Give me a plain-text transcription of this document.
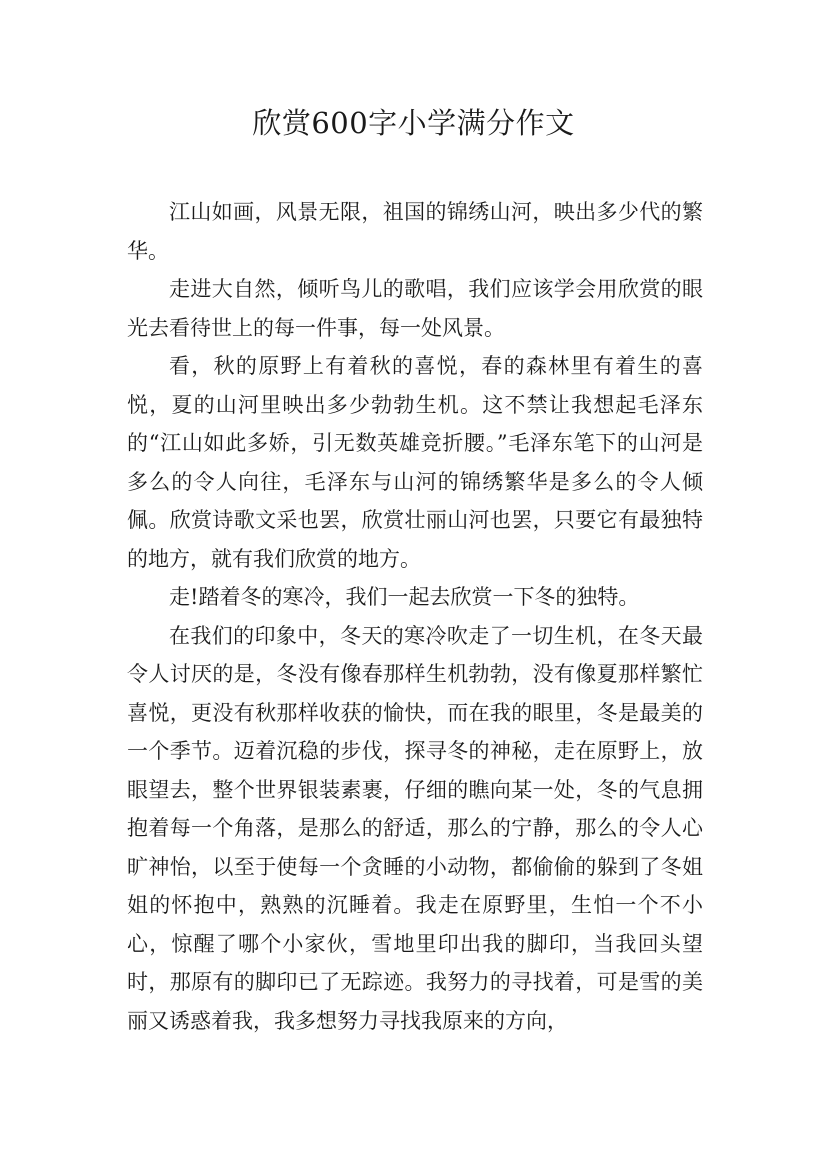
欣赏600字小学满分作文

江山如画，风景无限，祖国的锦绣山河，映出多少代的繁华。

走进大自然，倾听鸟儿的歌唱，我们应该学会用欣赏的眼光去看待世上的每一件事，每一处风景。

看，秋的原野上有着秋的喜悦，春的森林里有着生的喜悦，夏的山河里映出多少勃勃生机。这不禁让我想起毛泽东的“江山如此多娇，引无数英雄竞折腰。”毛泽东笔下的山河是多么的令人向往，毛泽东与山河的锦绣繁华是多么的令人倾佩。欣赏诗歌文采也罢，欣赏壮丽山河也罢，只要它有最独特的地方，就有我们欣赏的地方。

走!踏着冬的寒冷，我们一起去欣赏一下冬的独特。

在我们的印象中，冬天的寒冷吹走了一切生机，在冬天最令人讨厌的是，冬没有像春那样生机勃勃，没有像夏那样繁忙喜悦，更没有秋那样收获的愉快，而在我的眼里，冬是最美的一个季节。迈着沉稳的步伐，探寻冬的神秘，走在原野上，放眼望去，整个世界银装素裹，仔细的瞧向某一处，冬的气息拥抱着每一个角落，是那么的舒适，那么的宁静，那么的令人心旷神怡，以至于使每一个贪睡的小动物，都偷偷的躲到了冬姐姐的怀抱中，熟熟的沉睡着。我走在原野里，生怕一个不小心，惊醒了哪个小家伙，雪地里印出我的脚印，当我回头望时，那原有的脚印已了无踪迹。我努力的寻找着，可是雪的美丽又诱惑着我，我多想努力寻找我原来的方向，
